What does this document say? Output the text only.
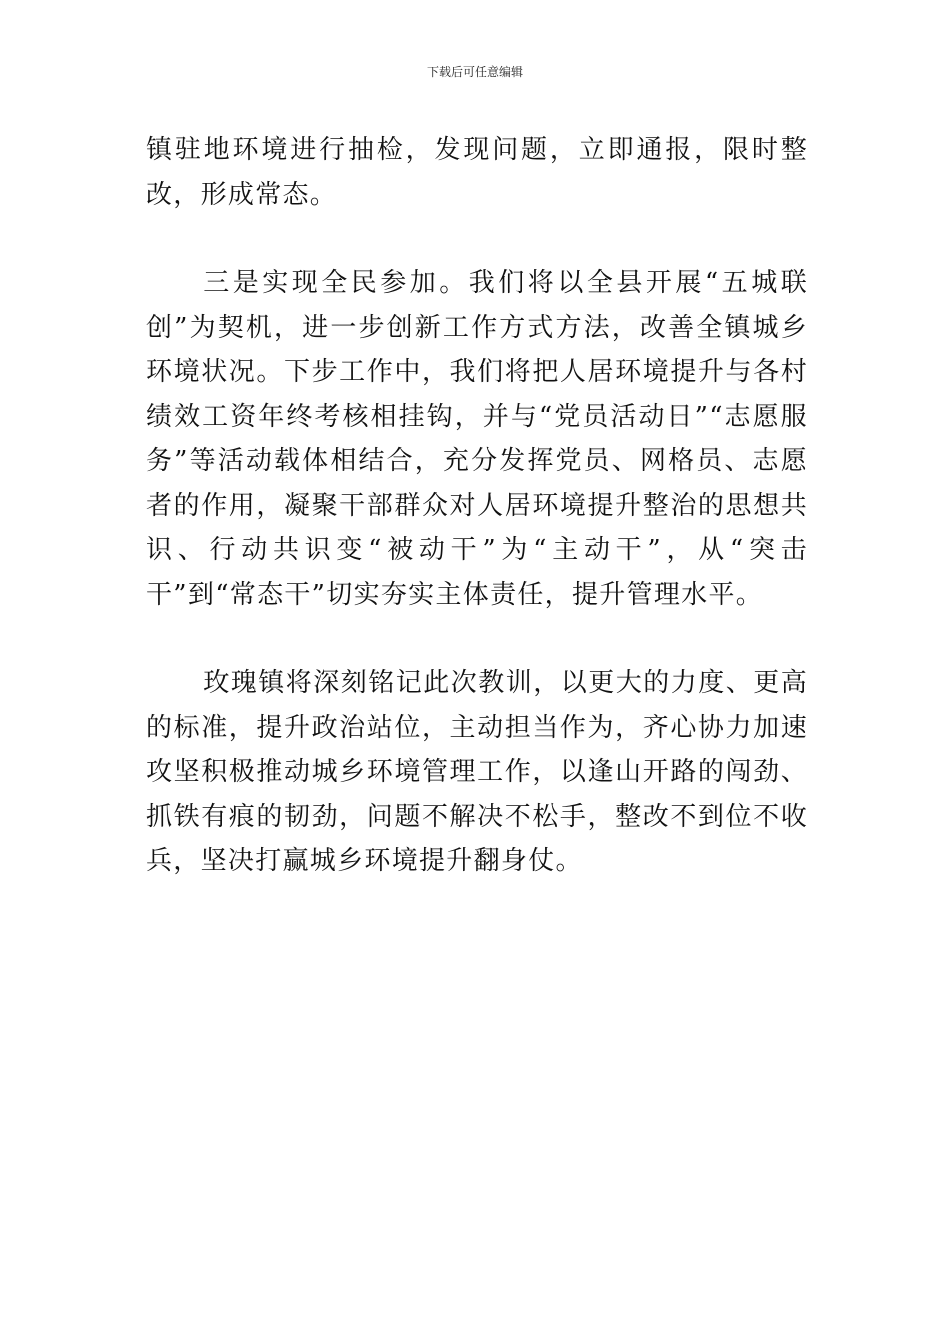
下载后可任意编辑

镇驻地环境进行抽检，发现问题，立即通报，限时整改，形成常态。

三是实现全民参加。我们将以全县开展“五城联创”为契机，进一步创新工作方式方法，改善全镇城乡环境状况。下步工作中，我们将把人居环境提升与各村绩效工资年终考核相挂钩，并与“党员活动日”“志愿服务”等活动载体相结合，充分发挥党员、网格员、志愿者的作用，凝聚干部群众对人居环境提升整治的思想共识、行动共识变“被动干”为“主动干”，从“突击干”到“常态干”切实夯实主体责任，提升管理水平。

玫瑰镇将深刻铭记此次教训，以更大的力度、更高的标准，提升政治站位，主动担当作为，齐心协力加速攻坚积极推动城乡环境管理工作，以逢山开路的闯劲、抓铁有痕的韧劲，问题不解决不松手，整改不到位不收兵，坚决打赢城乡环境提升翻身仗。
